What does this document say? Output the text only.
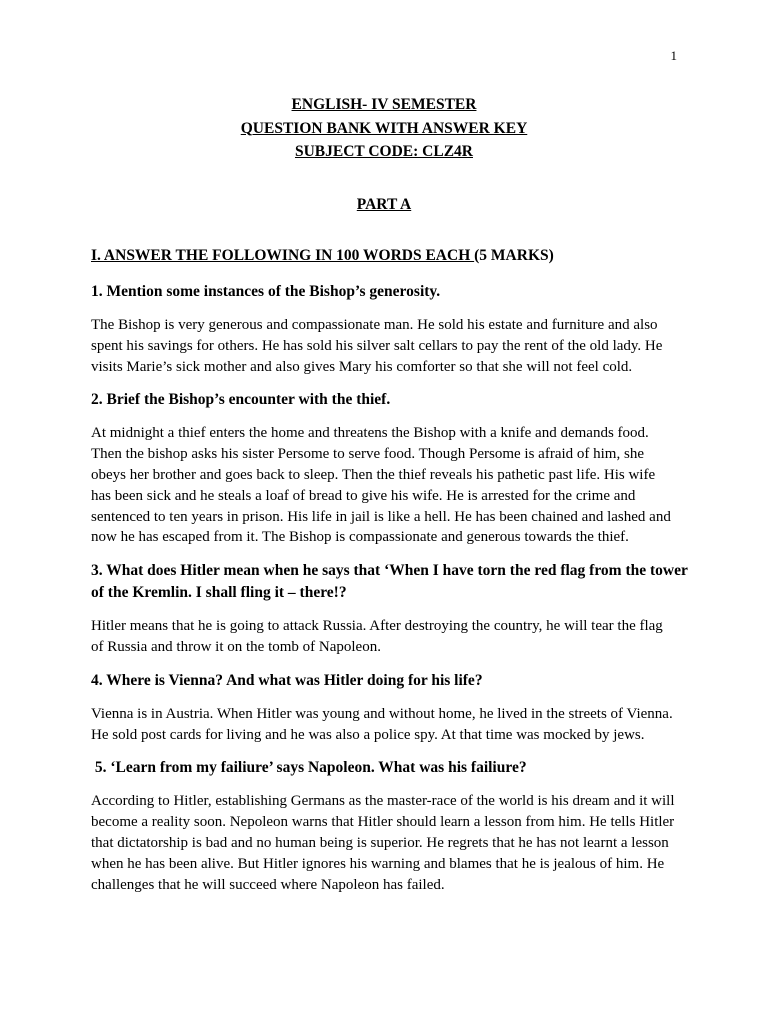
1
ENGLISH- IV SEMESTER
QUESTION BANK WITH ANSWER KEY
SUBJECT CODE: CLZ4R
PART A
I. ANSWER THE FOLLOWING IN 100 WORDS EACH (5 MARKS)
1. Mention some instances of the Bishop’s generosity.
The Bishop is very generous and compassionate man. He sold his estate and furniture and also
spent his savings for others. He has sold his silver salt cellars to pay the rent of the old lady. He
visits Marie’s sick mother and also gives Mary his comforter so that she will not feel cold.
2. Brief the Bishop’s encounter with the thief.
At midnight a thief enters the home and threatens the Bishop with a knife and demands food.
Then the bishop asks his sister Persome to serve food. Though Persome is afraid of him, she
obeys her brother and goes back to sleep. Then the thief reveals his pathetic past life. His wife
has been sick and he steals a loaf of bread to give his wife. He is arrested for the crime and
sentenced to ten years in prison. His life in jail is like a hell. He has been chained and lashed and
now he has escaped from it. The Bishop is compassionate and generous towards the thief.
3. What does Hitler mean when he says that ‘When I have torn the red flag from the tower
of the Kremlin. I shall fling it – there!?
Hitler means that he is going to attack Russia. After destroying the country, he will tear the flag
of Russia and throw it on the tomb of Napoleon.
4. Where is Vienna? And what was Hitler doing for his life?
Vienna is in Austria. When Hitler was young and without home, he lived in the streets of Vienna.
He sold post cards for living and he was also a police spy. At that time was mocked by jews.
5. ‘Learn from my failiure’ says Napoleon. What was his failiure?
According to Hitler, establishing Germans as the master-race of the world is his dream and it will
become a reality soon. Nepoleon warns that Hitler should learn a lesson from him. He tells Hitler
that dictatorship is bad and no human being is superior. He regrets that he has not learnt a lesson
when he has been alive. But Hitler ignores his warning and blames that he is jealous of him. He
challenges that he will succeed where Napoleon has failed.
